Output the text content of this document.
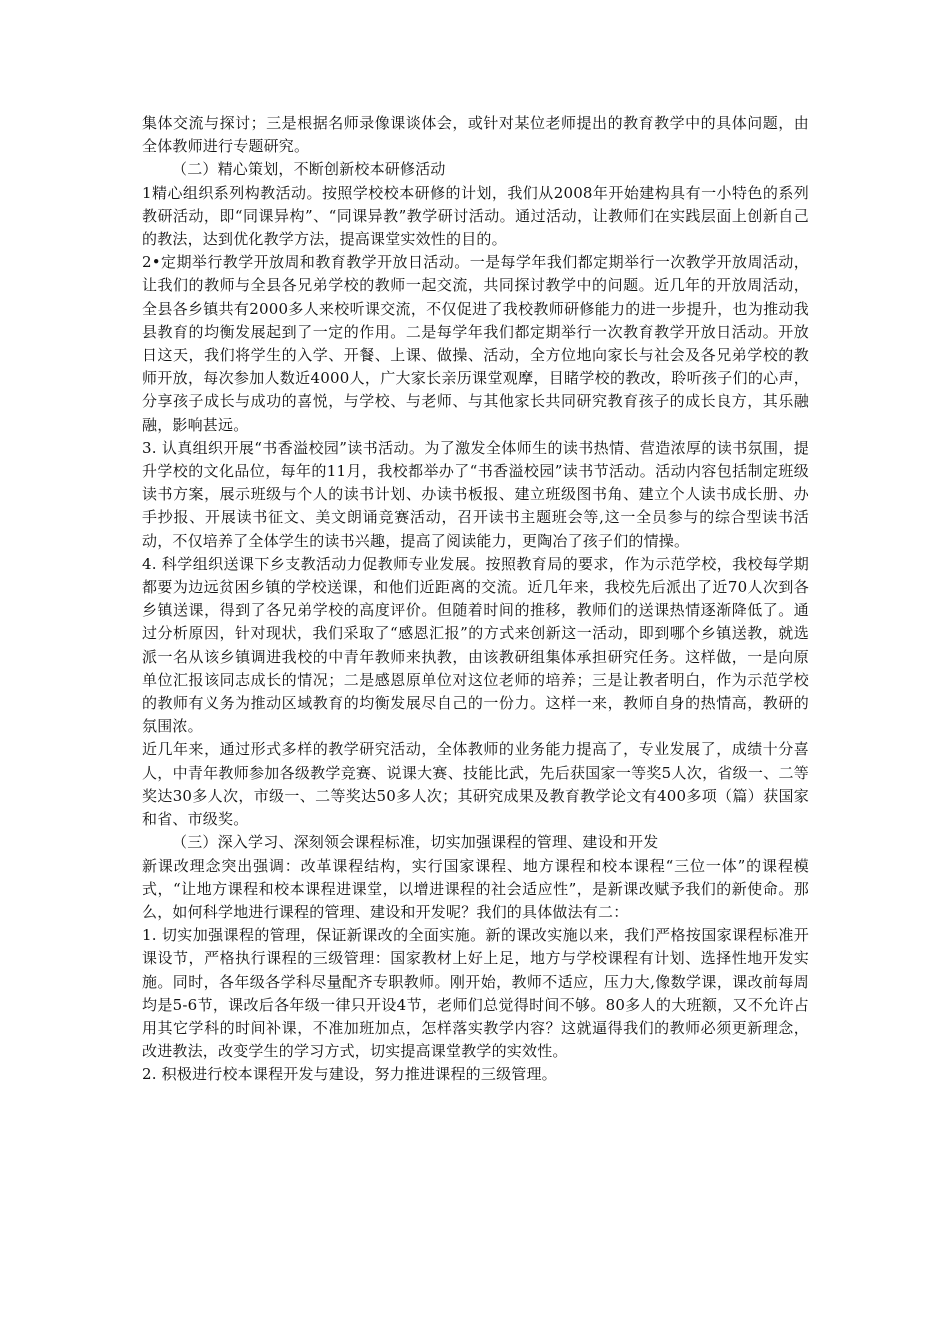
集体交流与探讨；三是根据名师录像课谈体会，或针对某位老师提出的教育教学中的具体问题，由全体教师进行专题研究。

（二）精心策划，不断创新校本研修活动

1精心组织系列构教活动。按照学校校本研修的计划，我们从2008年开始建构具有一小特色的系列教研活动，即“同课异构”、“同课异教”教学研讨活动。通过活动，让教师们在实践层面上创新自己的教法，达到优化教学方法，提高课堂实效性的目的。

2•定期举行教学开放周和教育教学开放日活动。一是每学年我们都定期举行一次教学开放周活动，让我们的教师与全县各兄弟学校的教师一起交流，共同探讨教学中的问题。近几年的开放周活动，全县各乡镇共有2000多人来校听课交流，不仅促进了我校教师研修能力的进一步提升，也为推动我县教育的均衡发展起到了一定的作用。二是每学年我们都定期举行一次教育教学开放日活动。开放日这天，我们将学生的入学、开餐、上课、做操、活动，全方位地向家长与社会及各兄弟学校的教师开放，每次参加人数近4000人，广大家长亲历课堂观摩，目睹学校的教改，聆听孩子们的心声，分享孩子成长与成功的喜悦，与学校、与老师、与其他家长共同研究教育孩子的成长良方，其乐融融，影响甚远。

3. 认真组织开展“书香溢校园”读书活动。为了激发全体师生的读书热情、营造浓厚的读书氛围，提升学校的文化品位，每年的11月，我校都举办了“书香溢校园”读书节活动。活动内容包括制定班级读书方案，展示班级与个人的读书计划、办读书板报、建立班级图书角、建立个人读书成长册、办手抄报、开展读书征文、美文朗诵竞赛活动，召开读书主题班会等,这一全员参与的综合型读书活动，不仅培养了全体学生的读书兴趣，提高了阅读能力，更陶冶了孩子们的情操。

4. 科学组织送课下乡支教活动力促教师专业发展。按照教育局的要求，作为示范学校，我校每学期都要为边远贫困乡镇的学校送课，和他们近距离的交流。近几年来，我校先后派出了近70人次到各乡镇送课，得到了各兄弟学校的高度评价。但随着时间的推移，教师们的送课热情逐渐降低了。通过分析原因，针对现状，我们采取了“感恩汇报”的方式来创新这一活动，即到哪个乡镇送教，就选派一名从该乡镇调进我校的中青年教师来执教，由该教研组集体承担研究任务。这样做，一是向原单位汇报该同志成长的情况；二是感恩原单位对这位老师的培养；三是让教者明白，作为示范学校的教师有义务为推动区域教育的均衡发展尽自己的一份力。这样一来，教师自身的热情高，教研的氛围浓。

近几年来，通过形式多样的教学研究活动，全体教师的业务能力提高了，专业发展了，成绩十分喜人，中青年教师参加各级教学竞赛、说课大赛、技能比武，先后获国家一等奖5人次，省级一、二等奖达30多人次，市级一、二等奖达50多人次；其研究成果及教育教学论文有400多项（篇）获国家和省、市级奖。

（三）深入学习、深刻领会课程标准，切实加强课程的管理、建设和开发

新课改理念突出强调：改革课程结构，实行国家课程、地方课程和校本课程“三位一体”的课程模式，“让地方课程和校本课程进课堂，以增进课程的社会适应性”，是新课改赋予我们的新使命。那么，如何科学地进行课程的管理、建设和开发呢？我们的具体做法有二：

1. 切实加强课程的管理，保证新课改的全面实施。新的课改实施以来，我们严格按国家课程标准开课设节，严格执行课程的三级管理：国家教材上好上足，地方与学校课程有计划、选择性地开发实施。同时，各年级各学科尽量配齐专职教师。刚开始，教师不适应，压力大,像数学课，课改前每周均是5-6节，课改后各年级一律只开设4节，老师们总觉得时间不够。80多人的大班额，又不允许占用其它学科的时间补课，不准加班加点，怎样落实教学内容？这就逼得我们的教师必须更新理念，改进教法，改变学生的学习方式，切实提高课堂教学的实效性。

2. 积极进行校本课程开发与建设，努力推进课程的三级管理。
